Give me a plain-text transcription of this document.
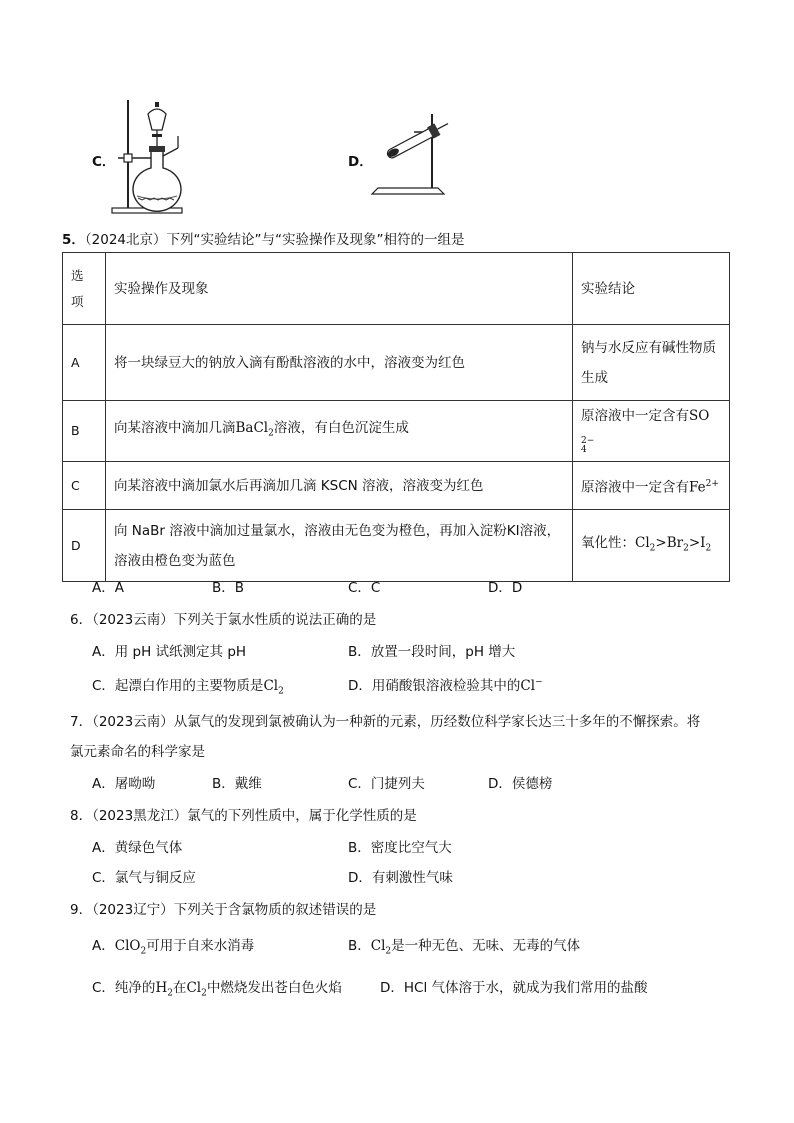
C．	D．
5．（2024北京）下列“实验结论”与“实验操作及现象”相符的一组是
选
项	实验操作及现象	实验结论
A	将一块绿豆大的钠放入滴有酚酞溶液的水中，溶液变为红色	钠与水反应有碱性物质
生成

B	向某溶液中滴加几滴BaCl$_2$溶液，有白色沉淀生成	原溶液中一定含有SO
2−
4

C	向某溶液中滴加氯水后再滴加几滴 KSCN 溶液，溶液变为红色	原溶液中一定含有$Fe^{2+}$
D	向 NaBr 溶液中滴加过量氯水，溶液由无色变为橙色，再加入淀粉KI溶液，
溶液由橙色变为蓝色	氧化性：$Cl_2>Br_2>I_2$
A．A	B．B	C．C	D．D
6．（2023云南）下列关于氯水性质的说法正确的是
A．用 pH 试纸测定其 pH	B．放置一段时间，pH 增大
C．起漂白作用的主要物质是$Cl_2$	D．用硝酸银溶液检验其中的Cl−
7．（2023云南）从氯气的发现到氯被确认为一种新的元素，历经数位科学家长达三十多年的不懈探索。将
氯元素命名的科学家是
A．屠呦呦	B．戴维	C．门捷列夫	D．侯德榜
8．（2023黑龙江）氯气的下列性质中，属于化学性质的是
A．黄绿色气体	B．密度比空气大
C．氯气与铜反应	D．有刺激性气味
9．（2023辽宁）下列关于含氯物质的叙述错误的是
A．ClO$_2$可用于自来水消毒	B．$Cl_2$是一种无色、无味、无毒的气体
C．纯净的$H_2$在$Cl_2$中燃烧发出苍白色火焰	D．HCl 气体溶于水，就成为我们常用的盐酸
